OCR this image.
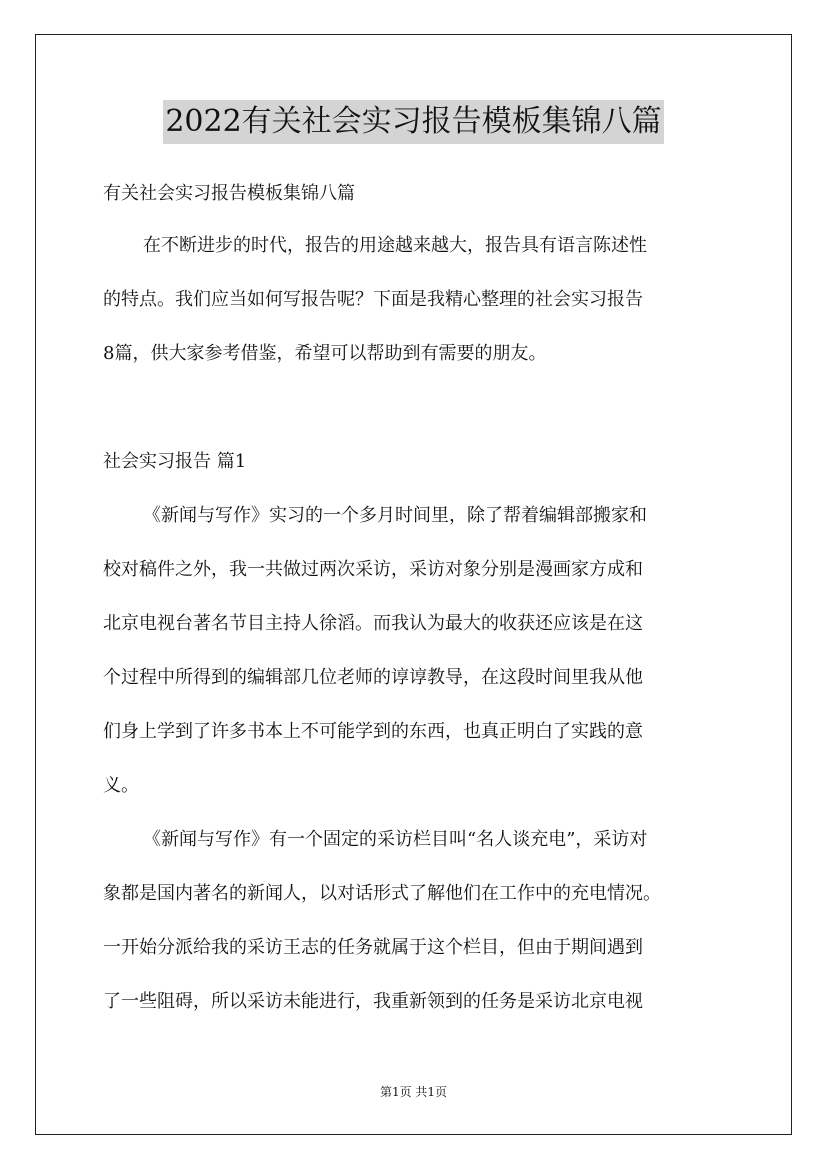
2022有关社会实习报告模板集锦八篇
有关社会实习报告模板集锦八篇
在不断进步的时代，报告的用途越来越大，报告具有语言陈述性
的特点。我们应当如何写报告呢？下面是我精心整理的社会实习报告
8篇，供大家参考借鉴，希望可以帮助到有需要的朋友。
社会实习报告 篇1
《新闻与写作》实习的一个多月时间里，除了帮着编辑部搬家和
校对稿件之外，我一共做过两次采访，采访对象分别是漫画家方成和
北京电视台著名节目主持人徐滔。而我认为最大的收获还应该是在这
个过程中所得到的编辑部几位老师的谆谆教导，在这段时间里我从他
们身上学到了许多书本上不可能学到的东西，也真正明白了实践的意
义。
《新闻与写作》有一个固定的采访栏目叫“名人谈充电”，采访对
象都是国内著名的新闻人，以对话形式了解他们在工作中的充电情况。
一开始分派给我的采访王志的任务就属于这个栏目，但由于期间遇到
了一些阻碍，所以采访未能进行，我重新领到的任务是采访北京电视
第1页 共1页
